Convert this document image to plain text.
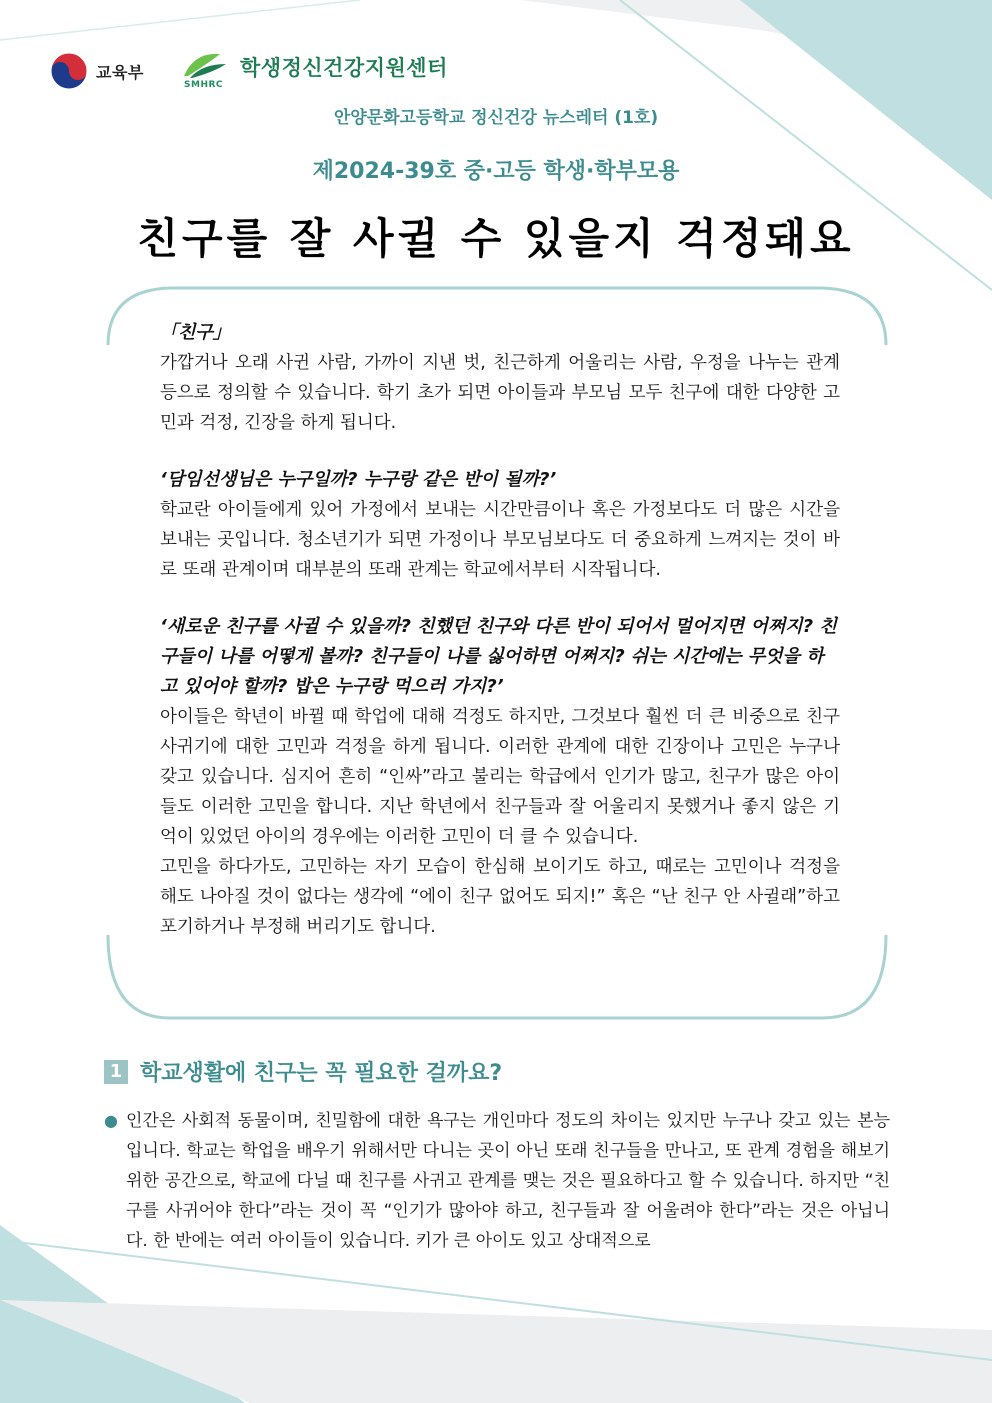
교육부
SMHRC
학생정신건강지원센터
안양문화고등학교 정신건강 뉴스레터 (1호)
제2024-39호 중·고등 학생·학부모용
친구를 잘 사귈 수 있을지 걱정돼요
「친구」

가깝거나 오래 사귄 사람, 가까이 지낸 벗, 친근하게 어울리는 사람, 우정을 나누는 관계 등으로 정의할 수 있습니다. 학기 초가 되면 아이들과 부모님 모두 친구에 대한 다양한 고민과 걱정, 긴장을 하게 됩니다.

‘담임선생님은 누구일까? 누구랑 같은 반이 될까?’

학교란 아이들에게 있어 가정에서 보내는 시간만큼이나 혹은 가정보다도 더 많은 시간을 보내는 곳입니다. 청소년기가 되면 가정이나 부모님보다도 더 중요하게 느껴지는 것이 바로 또래 관계이며 대부분의 또래 관계는 학교에서부터 시작됩니다.

‘새로운 친구를 사귈 수 있을까? 친했던 친구와 다른 반이 되어서 멀어지면 어쩌지? 친구들이 나를 어떻게 볼까? 친구들이 나를 싫어하면 어쩌지? 쉬는 시간에는 무엇을 하고 있어야 할까? 밥은 누구랑 먹으러 가지?’

아이들은 학년이 바뀔 때 학업에 대해 걱정도 하지만, 그것보다 훨씬 더 큰 비중으로 친구 사귀기에 대한 고민과 걱정을 하게 됩니다. 이러한 관계에 대한 긴장이나 고민은 누구나 갖고 있습니다. 심지어 흔히 “인싸”라고 불리는 학급에서 인기가 많고, 친구가 많은 아이들도 이러한 고민을 합니다. 지난 학년에서 친구들과 잘 어울리지 못했거나 좋지 않은 기억이 있었던 아이의 경우에는 이러한 고민이 더 클 수 있습니다.

고민을 하다가도, 고민하는 자기 모습이 한심해 보이기도 하고, 때로는 고민이나 걱정을 해도 나아질 것이 없다는 생각에 “에이 친구 없어도 되지!” 혹은 “난 친구 안 사귈래”하고 포기하거나 부정해 버리기도 합니다.

1 학교생활에 친구는 꼭 필요한 걸까요?
● 인간은 사회적 동물이며, 친밀함에 대한 욕구는 개인마다 정도의 차이는 있지만 누구나 갖고 있는 본능입니다. 학교는 학업을 배우기 위해서만 다니는 곳이 아닌 또래 친구들을 만나고, 또 관계 경험을 해보기 위한 공간으로, 학교에 다닐 때 친구를 사귀고 관계를 맺는 것은 필요하다고 할 수 있습니다. 하지만 “친구를 사귀어야 한다”라는 것이 꼭 “인기가 많아야 하고, 친구들과 잘 어울려야 한다”라는 것은 아닙니다. 한 반에는 여러 아이들이 있습니다. 키가 큰 아이도 있고 상대적으로
